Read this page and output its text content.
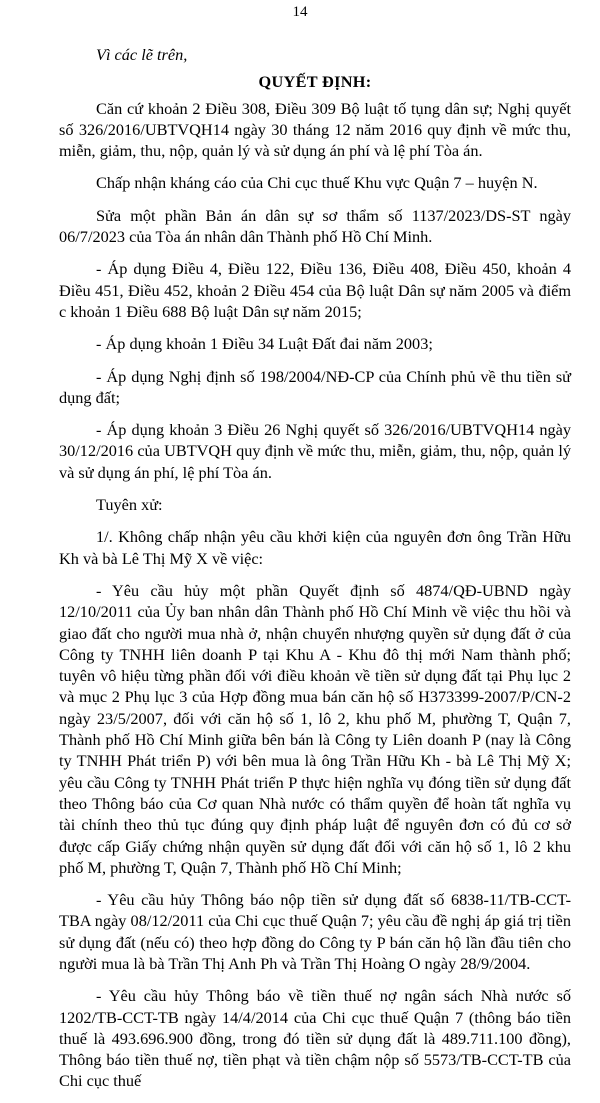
14

Vì các lẽ trên,

QUYẾT ĐỊNH:

Căn cứ khoản 2 Điều 308, Điều 309 Bộ luật tố tụng dân sự; Nghị quyết số 326/2016/UBTVQH14 ngày 30 tháng 12 năm 2016 quy định về mức thu, miễn, giảm, thu, nộp, quản lý và sử dụng án phí và lệ phí Tòa án.

Chấp nhận kháng cáo của Chi cục thuế Khu vực Quận 7 – huyện N.

Sửa một phần Bản án dân sự sơ thẩm số 1137/2023/DS-ST ngày 06/7/2023 của Tòa án nhân dân Thành phố Hồ Chí Minh.

- Áp dụng Điều 4, Điều 122, Điều 136, Điều 408, Điều 450, khoản 4 Điều 451, Điều 452, khoản 2 Điều 454 của Bộ luật Dân sự năm 2005 và điểm c khoản 1 Điều 688 Bộ luật Dân sự năm 2015;

- Áp dụng khoản 1 Điều 34 Luật Đất đai năm 2003;

- Áp dụng Nghị định số 198/2004/NĐ-CP của Chính phủ về thu tiền sử dụng đất;

- Áp dụng khoản 3 Điều 26 Nghị quyết số 326/2016/UBTVQH14 ngày 30/12/2016 của UBTVQH quy định về mức thu, miễn, giảm, thu, nộp, quản lý và sử dụng án phí, lệ phí Tòa án.

Tuyên xử:

1/. Không chấp nhận yêu cầu khởi kiện của nguyên đơn ông Trần Hữu Kh và bà Lê Thị Mỹ X về việc:

- Yêu cầu hủy một phần Quyết định số 4874/QĐ-UBND ngày 12/10/2011 của Ủy ban nhân dân Thành phố Hồ Chí Minh về việc thu hồi và giao đất cho người mua nhà ở, nhận chuyển nhượng quyền sử dụng đất ở của Công ty TNHH liên doanh P tại Khu A - Khu đô thị mới Nam thành phố; tuyên vô hiệu từng phần đối với điều khoản về tiền sử dụng đất tại Phụ lục 2 và mục 2 Phụ lục 3 của Hợp đồng mua bán căn hộ số H373399-2007/P/CN-2 ngày 23/5/2007, đối với căn hộ số 1, lô 2, khu phố M, phường T, Quận 7, Thành phố Hồ Chí Minh giữa bên bán là Công ty Liên doanh P (nay là Công ty TNHH Phát triển P) với bên mua là ông Trần Hữu Kh - bà Lê Thị Mỹ X; yêu cầu Công ty TNHH Phát triển P thực hiện nghĩa vụ đóng tiền sử dụng đất theo Thông báo của Cơ quan Nhà nước có thẩm quyền để hoàn tất nghĩa vụ tài chính theo thủ tục đúng quy định pháp luật để nguyên đơn có đủ cơ sở được cấp Giấy chứng nhận quyền sử dụng đất đối với căn hộ số 1, lô 2 khu phố M, phường T, Quận 7, Thành phố Hồ Chí Minh;

- Yêu cầu hủy Thông báo nộp tiền sử dụng đất số 6838-11/TB-CCT-TBA ngày 08/12/2011 của Chi cục thuế Quận 7; yêu cầu đề nghị áp giá trị tiền sử dụng đất (nếu có) theo hợp đồng do Công ty P bán căn hộ lần đầu tiên cho người mua là bà Trần Thị Anh Ph và Trần Thị Hoàng O ngày 28/9/2004.

- Yêu cầu hủy Thông báo về tiền thuế nợ ngân sách Nhà nước số 1202/TB-CCT-TB ngày 14/4/2014 của Chi cục thuế Quận 7 (thông báo tiền thuế là 493.696.900 đồng, trong đó tiền sử dụng đất là 489.711.100 đồng), Thông báo tiền thuế nợ, tiền phạt và tiền chậm nộp số 5573/TB-CCT-TB của Chi cục thuế
